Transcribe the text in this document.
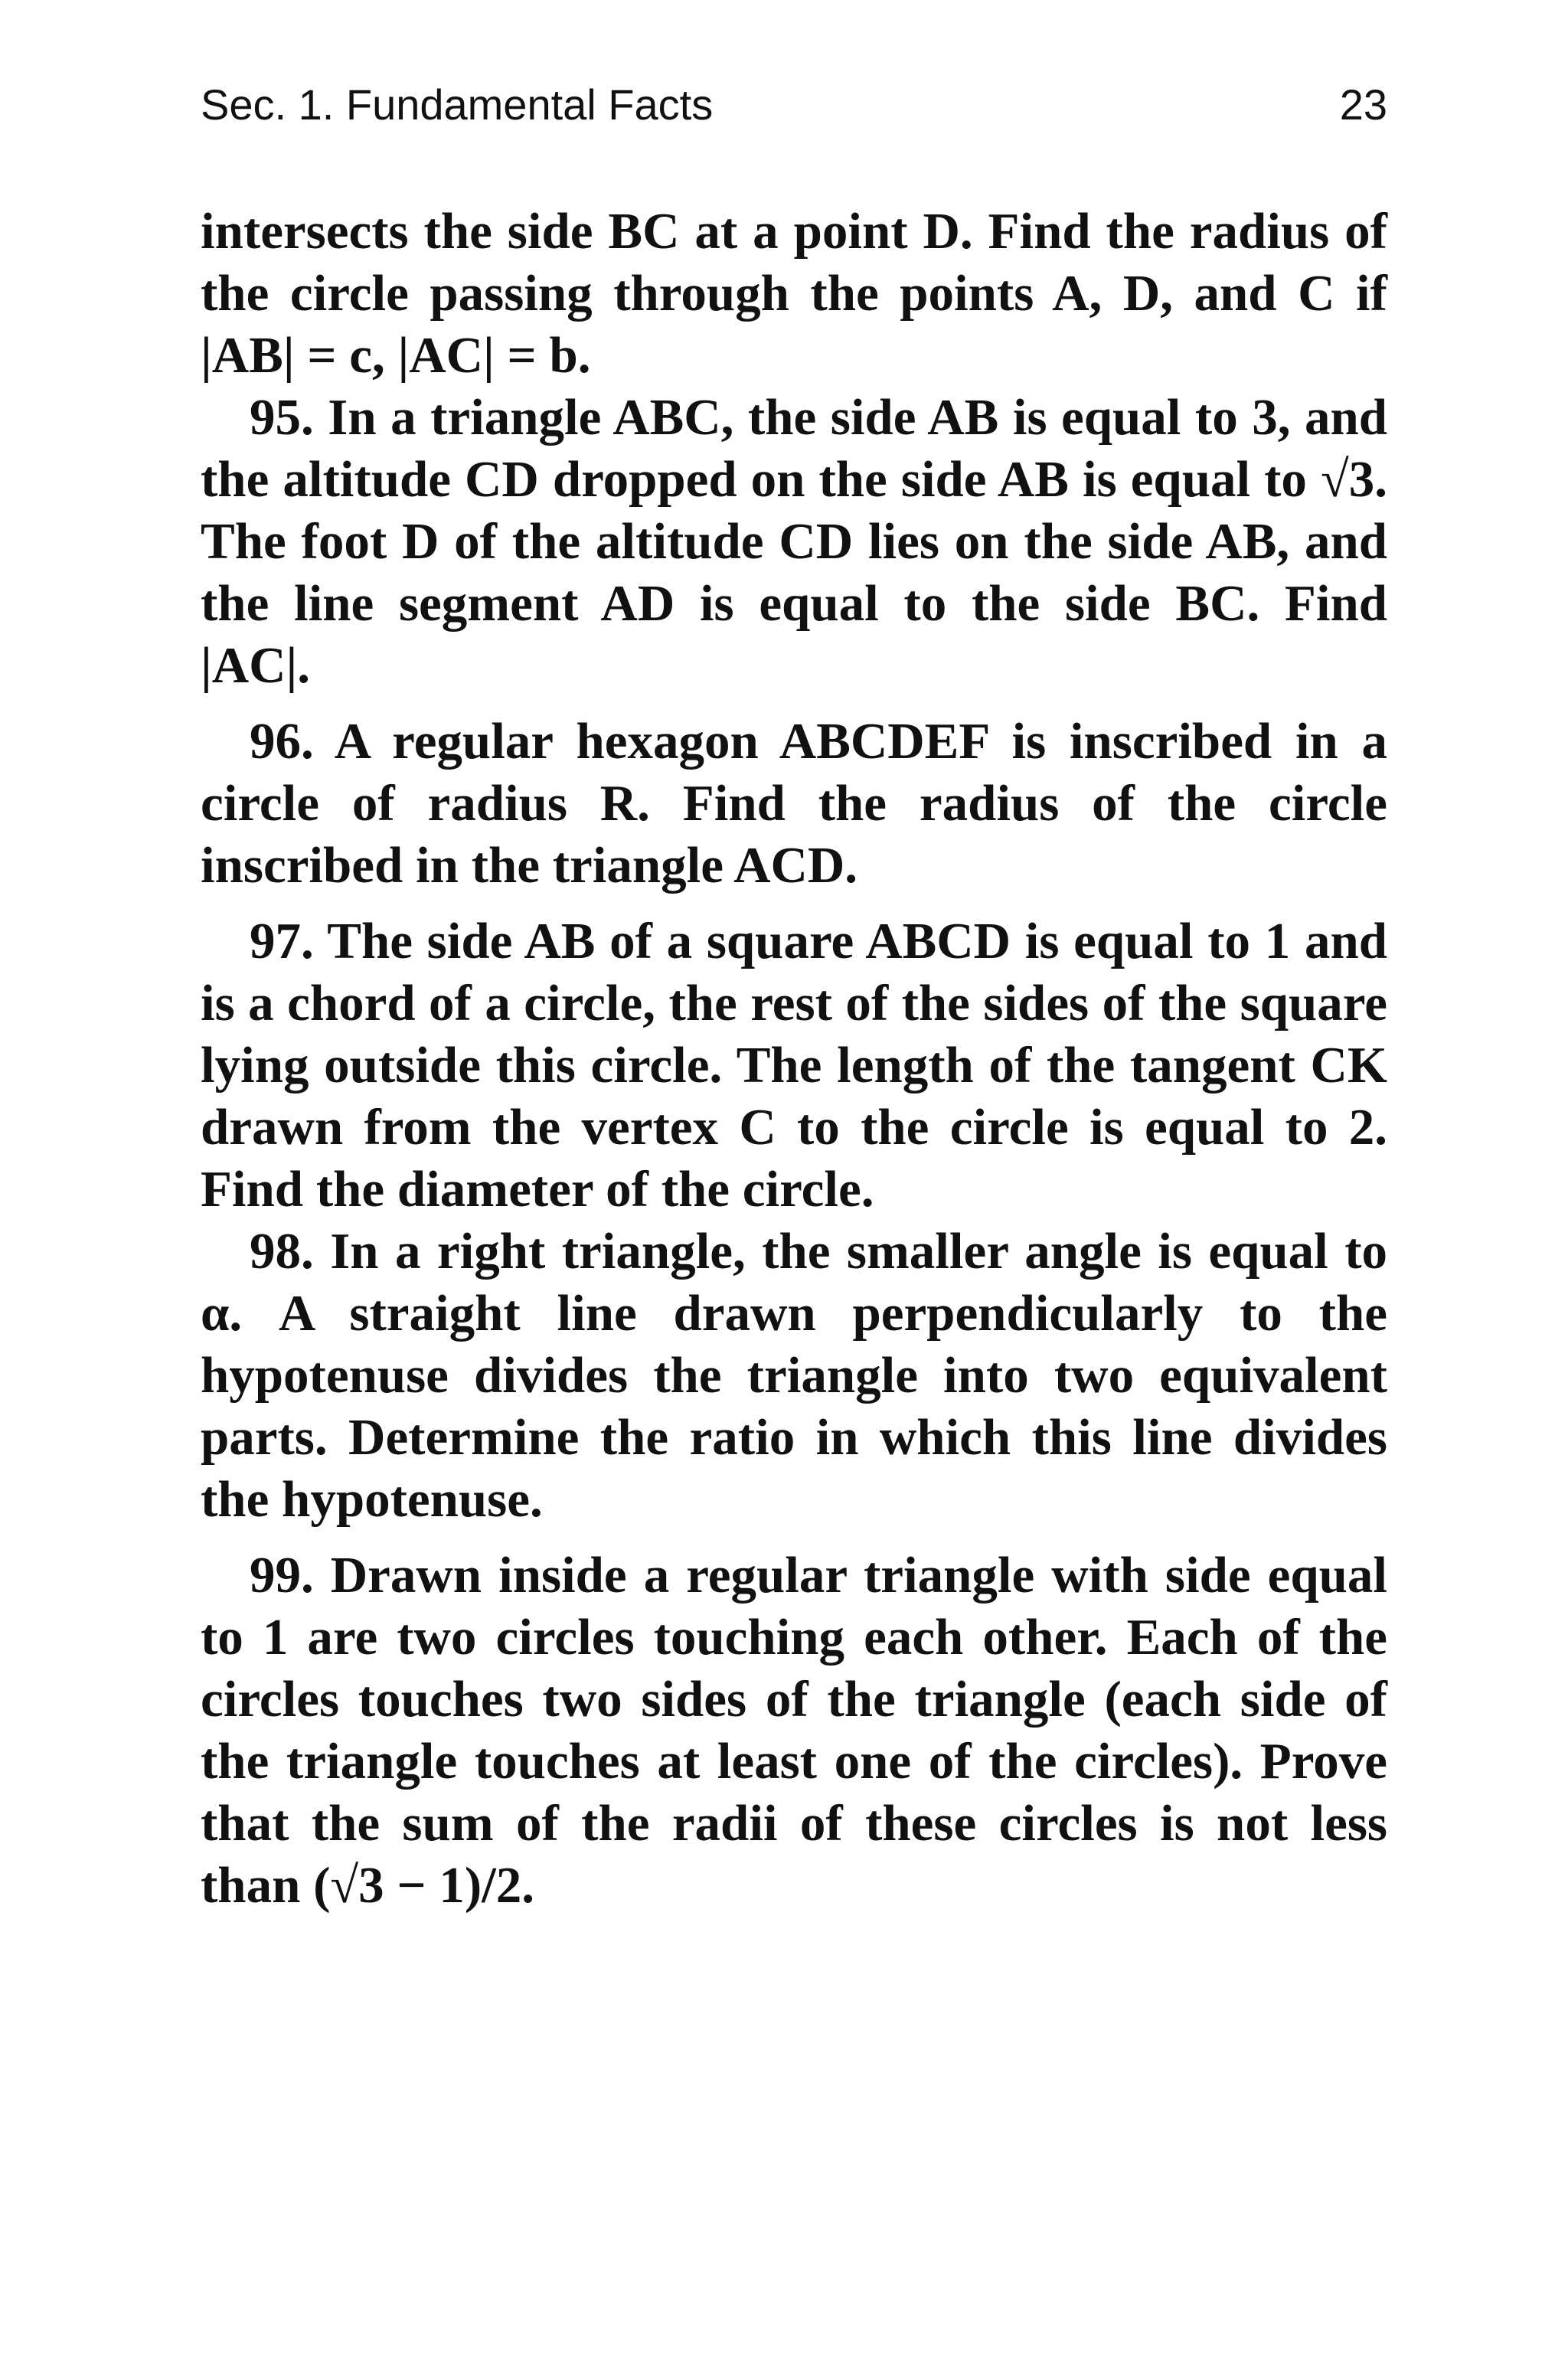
Sec. 1. Fundamental Facts	23

intersects the side BC at a point D. Find the radius of the circle passing through the points A, D, and C if |AB| = c, |AC| = b.

95. In a triangle ABC, the side AB is equal to 3, and the altitude CD dropped on the side AB is equal to √3. The foot D of the altitude CD lies on the side AB, and the line segment AD is equal to the side BC. Find |AC|.

96. A regular hexagon ABCDEF is inscribed in a circle of radius R. Find the radius of the circle inscribed in the triangle ACD.

97. The side AB of a square ABCD is equal to 1 and is a chord of a circle, the rest of the sides of the square lying outside this circle. The length of the tangent CK drawn from the vertex C to the circle is equal to 2. Find the diameter of the circle.

98. In a right triangle, the smaller angle is equal to α. A straight line drawn perpendicularly to the hypotenuse divides the triangle into two equivalent parts. Determine the ratio in which this line divides the hypotenuse.

99. Drawn inside a regular triangle with side equal to 1 are two circles touching each other. Each of the circles touches two sides of the triangle (each side of the triangle touches at least one of the circles). Prove that the sum of the radii of these circles is not less than (√3 − 1)/2.
